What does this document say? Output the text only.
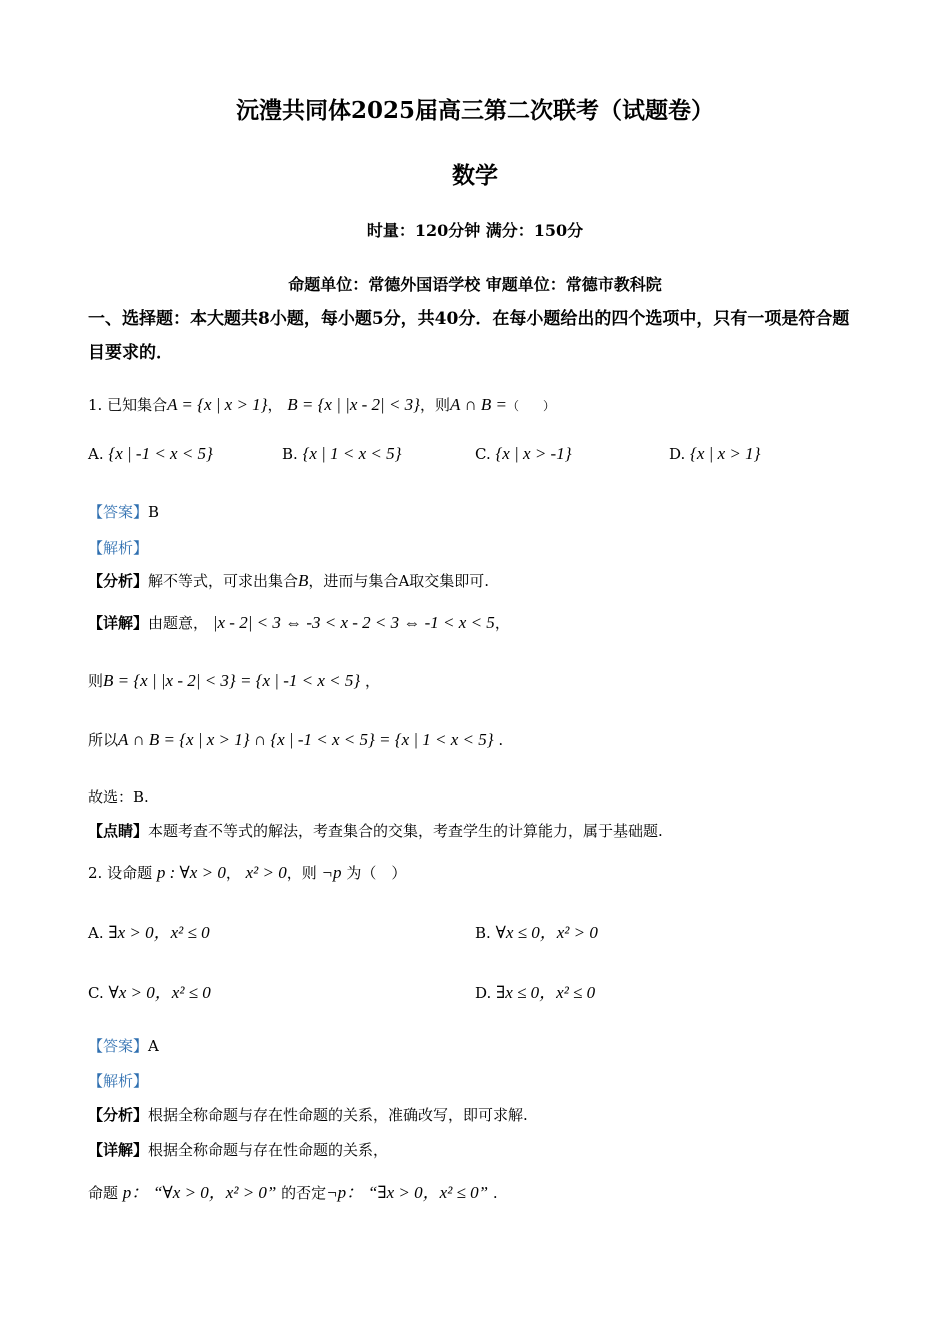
沅澧共同体2025届高三第二次联考（试题卷）
数学
时量：120分钟 满分：150分
命题单位：常德外国语学校 审题单位：常德市教科院
一、选择题：本大题共8小题，每小题5分，共40分．在每小题给出的四个选项中，只有一项是符合题目要求的．
1. 已知集合A = {x | x > 1}， B = {x | |x - 2| < 3}，则A ∩ B =（　　）
A. {x | -1 < x < 5}	B. {x | 1 < x < 5}	C. {x | x > -1}	D. {x | x > 1}
【答案】B
【解析】
【分析】解不等式，可求出集合B，进而与集合A取交集即可.
【详解】由题意， |x - 2| < 3 ⇔ -3 < x - 2 < 3 ⇔ -1 < x < 5，
则B = {x | |x - 2| < 3} = {x | -1 < x < 5} ，
所以A ∩ B = {x | x > 1} ∩ {x | -1 < x < 5} = {x | 1 < x < 5} .
故选：B.
【点睛】本题考查不等式的解法，考查集合的交集，考查学生的计算能力，属于基础题.
2. 设命题 p : ∀x > 0， x² > 0，则 ¬p 为（　）
A. ∃x > 0，x² ≤ 0	B. ∀x ≤ 0，x² > 0
C. ∀x > 0，x² ≤ 0	D. ∃x ≤ 0，x² ≤ 0
【答案】A
【解析】
【分析】根据全称命题与存在性命题的关系，准确改写，即可求解.
【详解】根据全称命题与存在性命题的关系，
命题 p： “∀x > 0，x² > 0” 的否定¬p： “∃x > 0，x² ≤ 0” .
